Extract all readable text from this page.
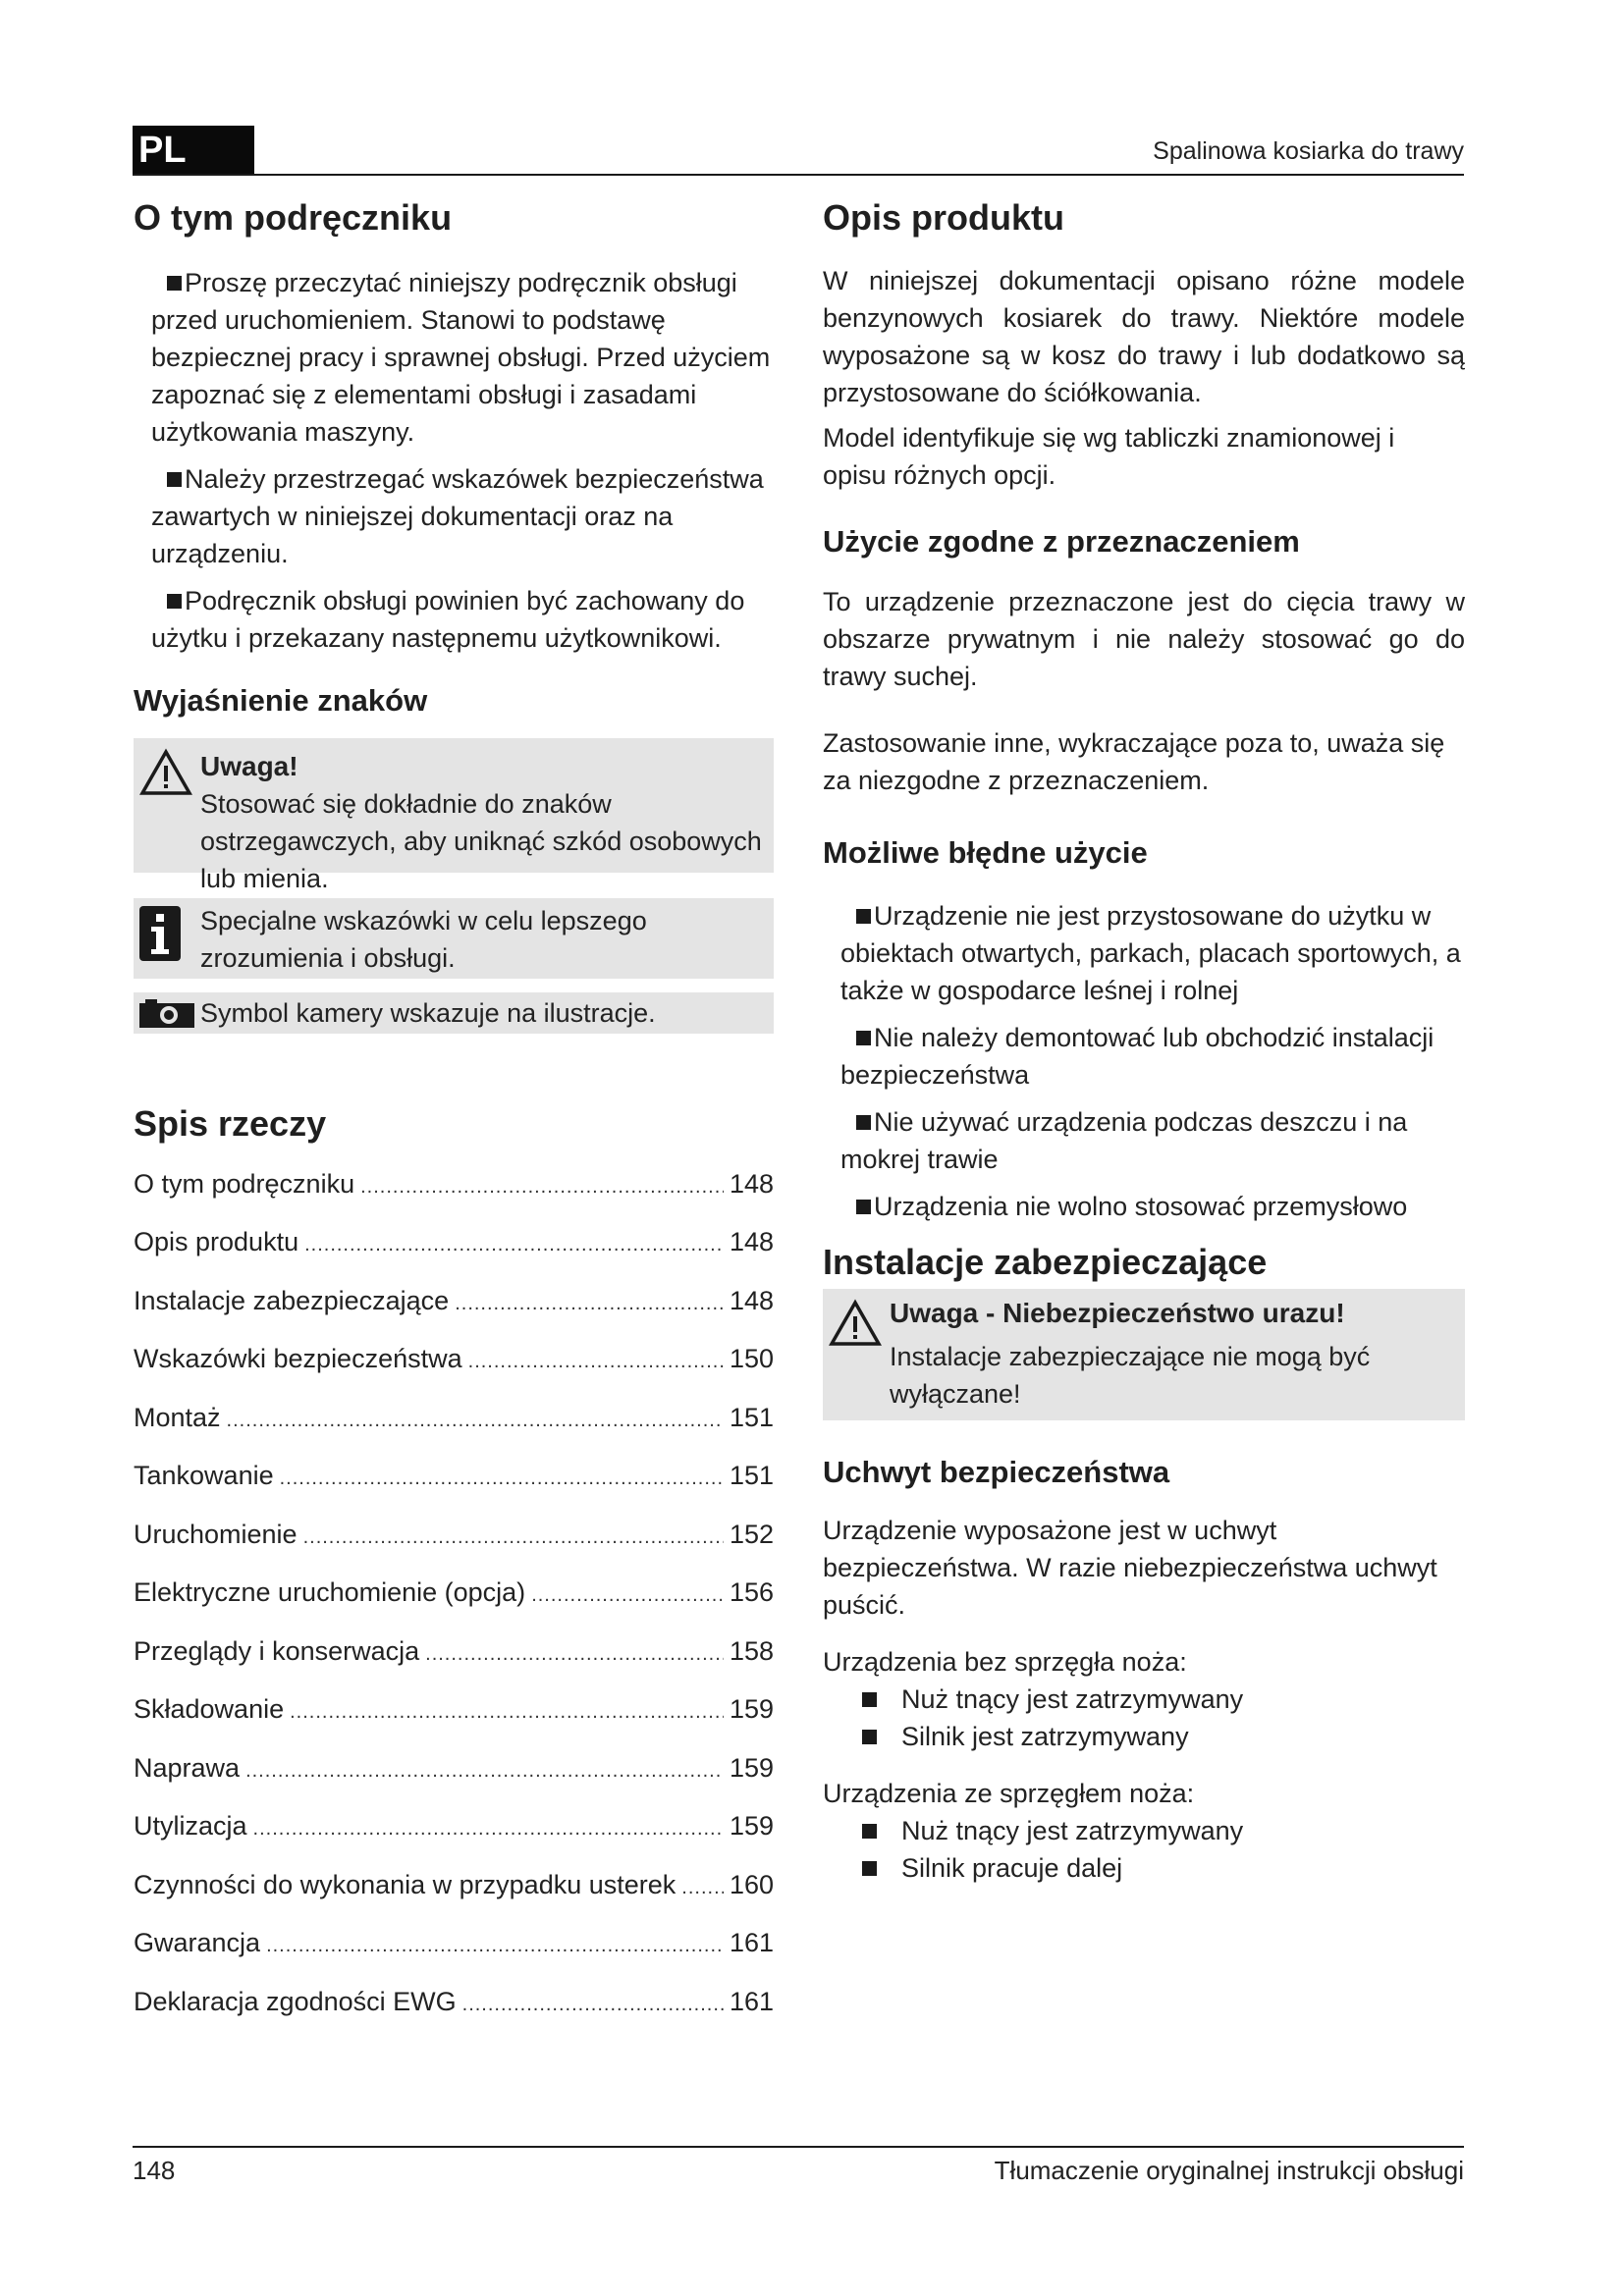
PL	Spalinowa kosiarka do trawy
O tym podręczniku
Proszę przeczytać niniejszy podręcznik obsługi przed uruchomieniem. Stanowi to podstawę bezpiecznej pracy i sprawnej obsługi. Przed użyciem zapoznać się z elementami obsługi i zasadami użytkowania maszyny.
Należy przestrzegać wskazówek bezpieczeństwa zawartych w niniejszej dokumentacji oraz na urządzeniu.
Podręcznik obsługi powinien być zachowany do użytku i przekazany następnemu użytkownikowi.
Wyjaśnienie znaków
Uwaga!
Stosować się dokładnie do znaków ostrzegawczych, aby uniknąć szkód osobowych lub mienia.
Specjalne wskazówki w celu lepszego zrozumienia i obsługi.
Symbol kamery wskazuje na ilustracje.
Spis rzeczy
O tym podręczniku .....	148
Opis produktu .....	148
Instalacje zabezpieczające .....	148
Wskazówki bezpieczeństwa .....	150
Montaż .....	151
Tankowanie .....	151
Uruchomienie .....	152
Elektryczne uruchomienie (opcja) .....	156
Przeglądy i konserwacja .....	158
Składowanie .....	159
Naprawa .....	159
Utylizacja .....	159
Czynności do wykonania w przypadku usterek ..... 160
Gwarancja .....	161
Deklaracja zgodności EWG .....	161
Opis produktu

W niniejszej dokumentacji opisano różne modele benzynowych kosiarek do trawy. Niektóre modele wyposażone są w kosz do trawy i lub dodatkowo są przystosowane do ściółkowania.

Model identyfikuje się wg tabliczki znamionowej i opisu różnych opcji.

Użycie zgodne z przeznaczeniem

To urządzenie przeznaczone jest do cięcia trawy w obszarze prywatnym i nie należy stosować go do trawy suchej.

Zastosowanie inne, wykraczające poza to, uważa się za niezgodne z przeznaczeniem.

Możliwe błędne użycie
Urządzenie nie jest przystosowane do użytku w obiektach otwartych, parkach, placach sportowych, a także w gospodarce leśnej i rolnej
Nie należy demontować lub obchodzić instalacji bezpieczeństwa
Nie używać urządzenia podczas deszczu i na mokrej trawie
Urządzenia nie wolno stosować przemysłowo
Instalacje zabezpieczające
Uwaga - Niebezpieczeństwo urazu!
Instalacje zabezpieczające nie mogą być wyłączane!
Uchwyt bezpieczeństwa

Urządzenie wyposażone jest w uchwyt bezpieczeństwa. W razie niebezpieczeństwa uchwyt puścić.

Urządzenia bez sprzęgła noża:

Nuż tnący jest zatrzymywany
Silnik jest zatrzymywany

Urządzenia ze sprzęgłem noża:

Nuż tnący jest zatrzymywany
Silnik pracuje dalej
148	Tłumaczenie oryginalnej instrukcji obsługi
